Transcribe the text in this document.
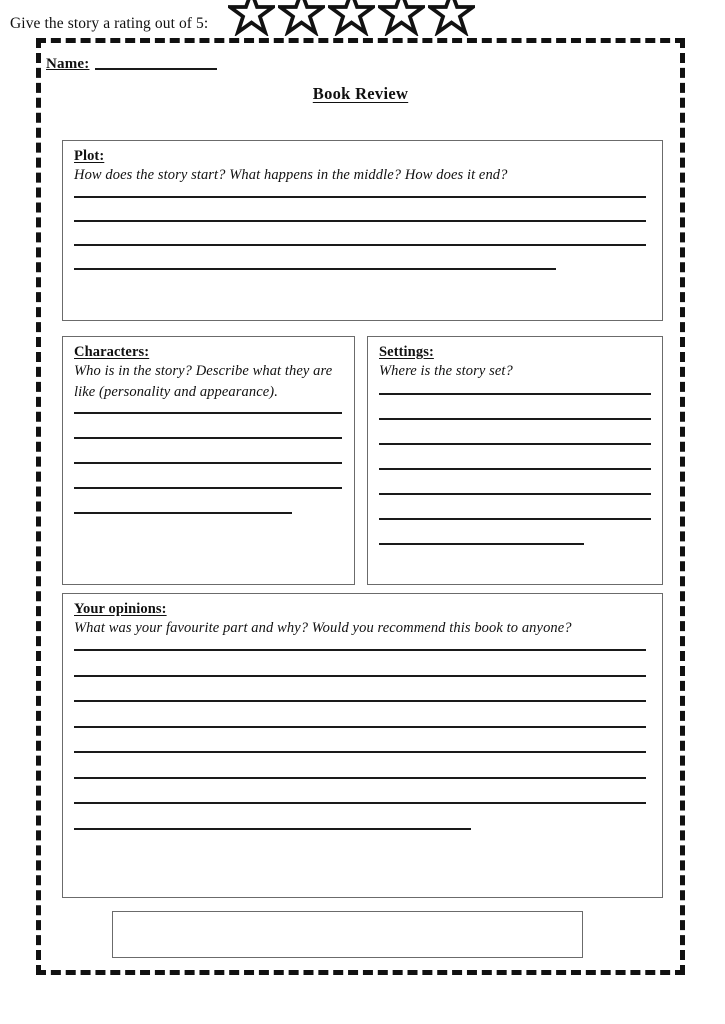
Name:
Book Review
Plot:
How does the story start? What happens in the middle? How does it end?
Characters:
Who is in the story? Describe what they are like (personality and appearance).
Settings:
Where is the story set?
Your opinions:
What was your favourite part and why? Would you recommend this book to anyone?
Give the story a rating out of 5:
